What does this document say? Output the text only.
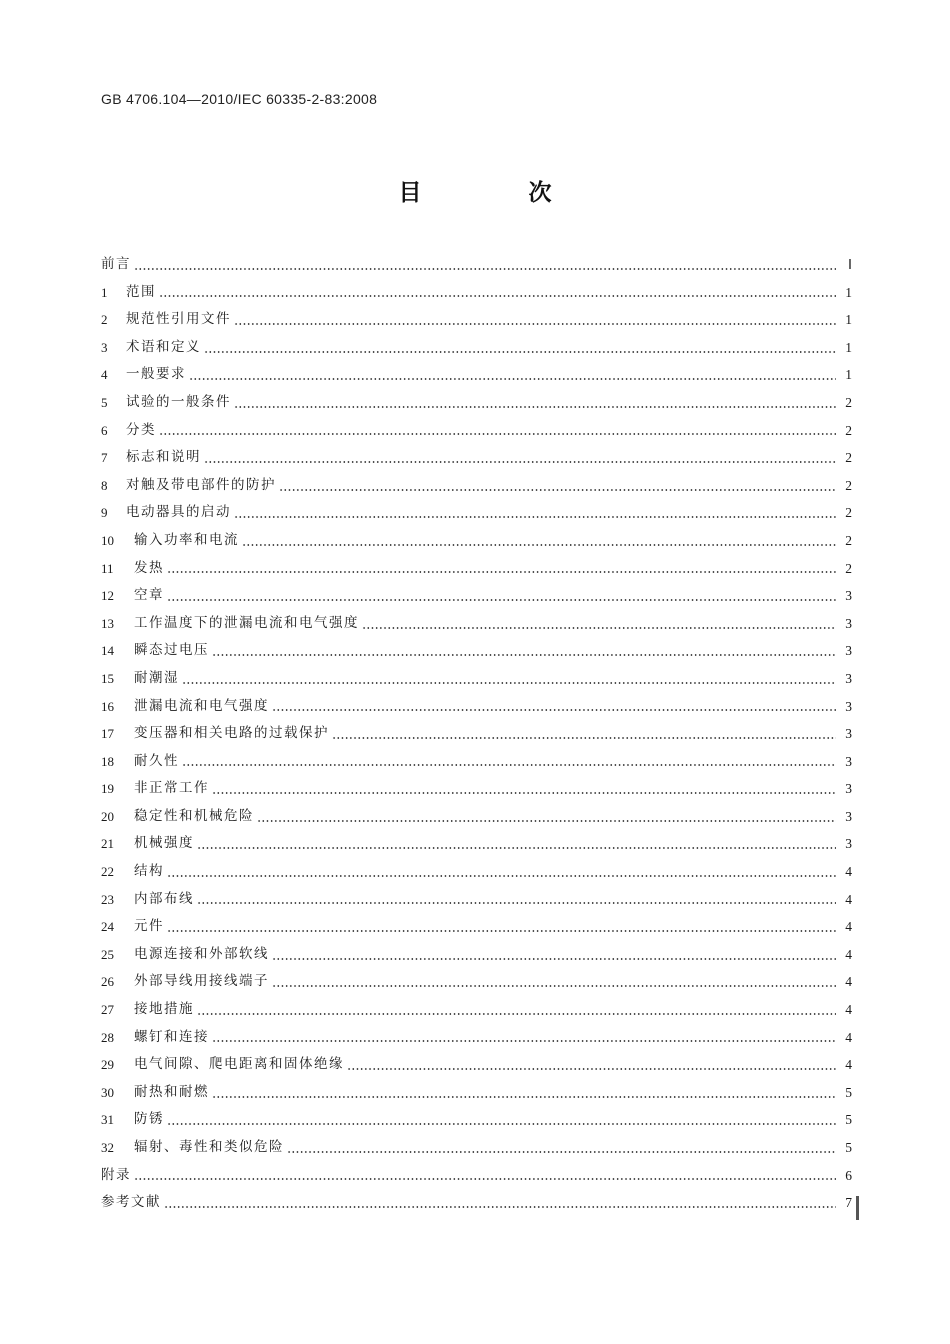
GB 4706.104—2010/IEC 60335-2-83:2008
目　次
前言	Ⅰ
1	范围	1
2	规范性引用文件	1
3	术语和定义	1
4	一般要求	1
5	试验的一般条件	2
6	分类	2
7	标志和说明	2
8	对触及带电部件的防护	2
9	电动器具的启动	2
10	输入功率和电流	2
11	发热	2
12	空章	3
13	工作温度下的泄漏电流和电气强度	3
14	瞬态过电压	3
15	耐潮湿	3
16	泄漏电流和电气强度	3
17	变压器和相关电路的过载保护	3
18	耐久性	3
19	非正常工作	3
20	稳定性和机械危险	3
21	机械强度	3
22	结构	4
23	内部布线	4
24	元件	4
25	电源连接和外部软线	4
26	外部导线用接线端子	4
27	接地措施	4
28	螺钉和连接	4
29	电气间隙、爬电距离和固体绝缘	4
30	耐热和耐燃	5
31	防锈	5
32	辐射、毒性和类似危险	5
附录	6
参考文献	7
